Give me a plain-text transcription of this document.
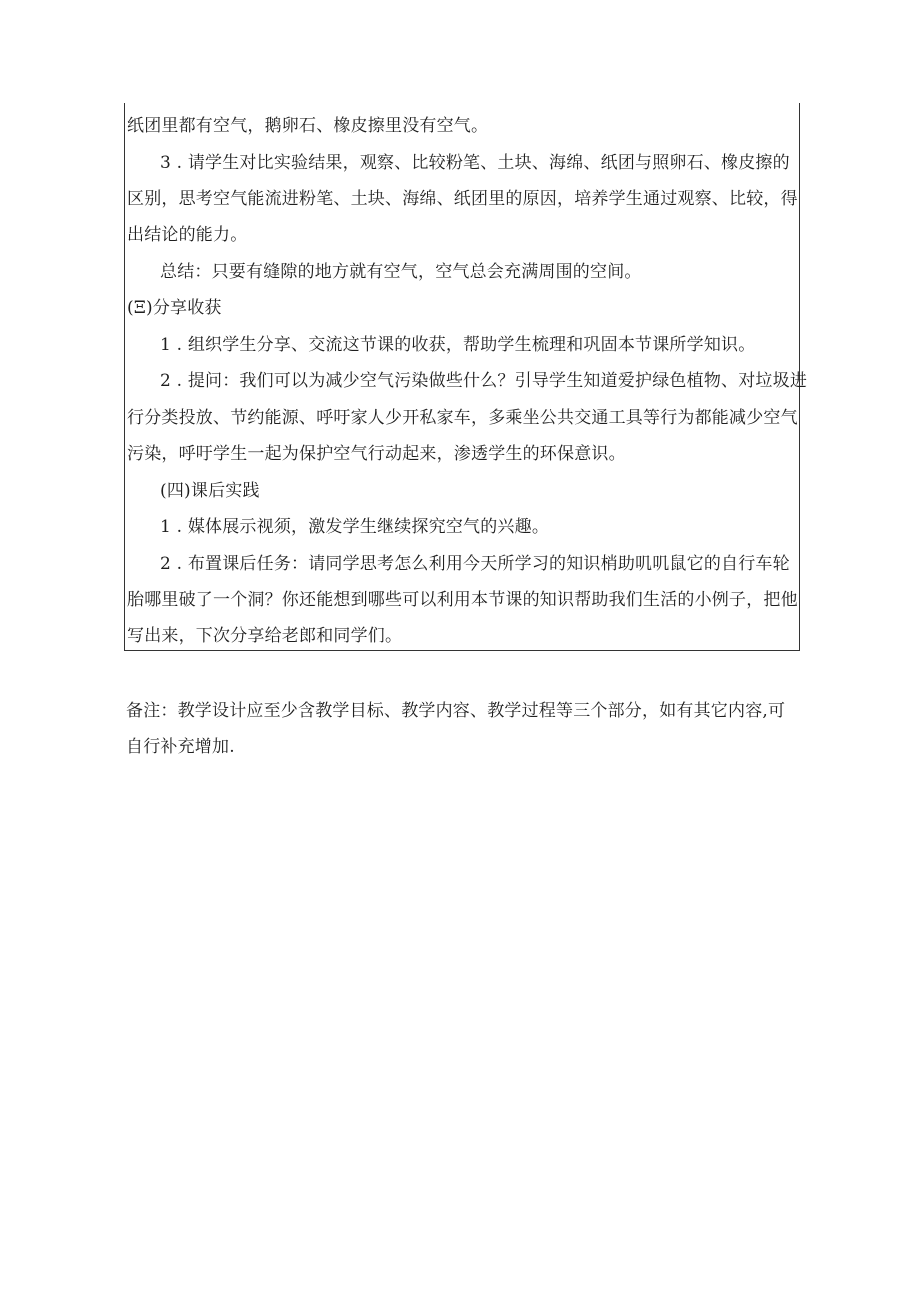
纸团里都有空气，鹅卵石、橡皮擦里没有空气。
3 . 请学生对比实验结果，观察、比较粉笔、土块、海绵、纸团与照卵石、橡皮擦的
区别，思考空气能流进粉笔、土块、海绵、纸团里的原因，培养学生通过观察、比较，得
出结论的能力。
总结：只要有缝隙的地方就有空气，空气总会充满周围的空间。
(Ξ)分享收获
1 . 组织学生分享、交流这节课的收获，帮助学生梳理和巩固本节课所学知识。
2 . 提问：我们可以为减少空气污染做些什么？引导学生知道爱护绿色植物、对垃圾进
行分类投放、节约能源、呼吁家人少开私家车，多乘坐公共交通工具等行为都能减少空气
污染，呼吁学生一起为保护空气行动起来，渗透学生的环保意识。
(四)课后实践
1 . 媒体展示视须，激发学生继续探究空气的兴趣。
2 . 布置课后任务：请同学思考怎么利用今天所学习的知识梢助叽叽鼠它的自行车轮
胎哪里破了一个洞？你还能想到哪些可以利用本节课的知识帮助我们生活的小例子，把他
写出来，下次分享给老郎和同学们。
备注：教学设计应至少含教学目标、教学内容、教学过程等三个部分，如有其它内容,可
自行补充增加.
